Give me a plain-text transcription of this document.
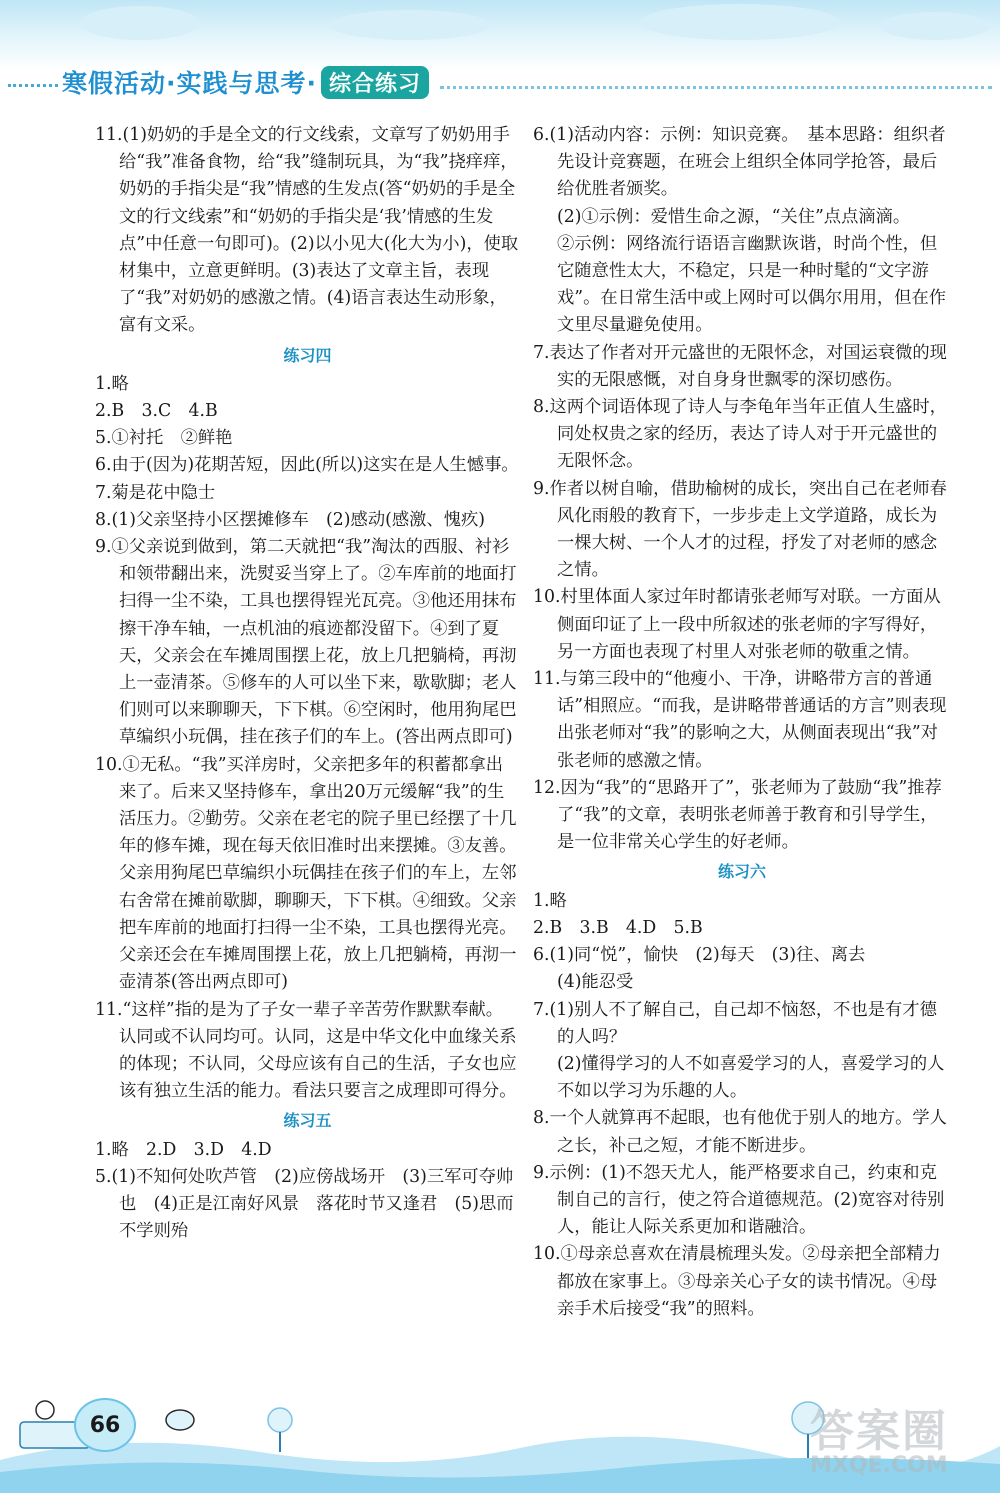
寒假活动·实践与思考· 综合练习

11.(1)奶奶的手是全文的行文线索，文章写了奶奶用手给“我”准备食物，给“我”缝制玩具，为“我”挠痒痒，奶奶的手指尖是“我”情感的生发点(答“奶奶的手是全文的行文线索”和“奶奶的手指尖是‘我’情感的生发点”中任意一句即可)。(2)以小见大(化大为小)，使取材集中，立意更鲜明。(3)表达了文章主旨，表现了“我”对奶奶的感激之情。(4)语言表达生动形象，富有文采。

练习四

1.略

2.B　3.C　4.B

5.①衬托　②鲜艳

6.由于(因为)花期苦短，因此(所以)这实在是人生憾事。

7.菊是花中隐士

8.(1)父亲坚持小区摆摊修车　(2)感动(感激、愧疚)

9.①父亲说到做到，第二天就把“我”淘汰的西服、衬衫和领带翻出来，洗熨妥当穿上了。②车库前的地面打扫得一尘不染，工具也摆得锃光瓦亮。③他还用抹布擦干净车轴，一点机油的痕迹都没留下。④到了夏天，父亲会在车摊周围摆上花，放上几把躺椅，再沏上一壶清茶。⑤修车的人可以坐下来，歇歇脚；老人们则可以来聊聊天，下下棋。⑥空闲时，他用狗尾巴草编织小玩偶，挂在孩子们的车上。(答出两点即可)

10.①无私。“我”买洋房时，父亲把多年的积蓄都拿出来了。后来又坚持修车，拿出20万元缓解“我”的生活压力。②勤劳。父亲在老宅的院子里已经摆了十几年的修车摊，现在每天依旧准时出来摆摊。③友善。父亲用狗尾巴草编织小玩偶挂在孩子们的车上，左邻右舍常在摊前歇脚，聊聊天，下下棋。④细致。父亲把车库前的地面打扫得一尘不染，工具也摆得光亮。父亲还会在车摊周围摆上花，放上几把躺椅，再沏一壶清茶(答出两点即可)

11.“这样”指的是为了子女一辈子辛苦劳作默默奉献。认同或不认同均可。认同，这是中华文化中血缘关系的体现；不认同，父母应该有自己的生活，子女也应该有独立生活的能力。看法只要言之成理即可得分。

练习五

1.略　2.D　3.D　4.D

5.(1)不知何处吹芦管　(2)应傍战场开　(3)三军可夺帅也　(4)正是江南好风景　落花时节又逢君　(5)思而不学则殆

6.(1)活动内容：示例：知识竞赛。　基本思路：组织者先设计竞赛题，在班会上组织全体同学抢答，最后给优胜者颁奖。

(2)①示例：爱惜生命之源，“关住”点点滴滴。

②示例：网络流行语语言幽默诙谐，时尚个性，但它随意性太大，不稳定，只是一种时髦的“文字游戏”。在日常生活中或上网时可以偶尔用用，但在作文里尽量避免使用。

7.表达了作者对开元盛世的无限怀念，对国运衰微的现实的无限感慨，对自身身世飘零的深切感伤。

8.这两个词语体现了诗人与李龟年当年正值人生盛时，同处权贵之家的经历，表达了诗人对于开元盛世的无限怀念。

9.作者以树自喻，借助榆树的成长，突出自己在老师春风化雨般的教育下，一步步走上文学道路，成长为一棵大树、一个人才的过程，抒发了对老师的感念之情。

10.村里体面人家过年时都请张老师写对联。一方面从侧面印证了上一段中所叙述的张老师的字写得好，另一方面也表现了村里人对张老师的敬重之情。

11.与第三段中的“他瘦小、干净，讲略带方言的普通话”相照应。“而我，是讲略带普通话的方言”则表现出张老师对“我”的影响之大，从侧面表现出“我”对张老师的感激之情。

12.因为“我”的“思路开了”，张老师为了鼓励“我”推荐了“我”的文章，表明张老师善于教育和引导学生，是一位非常关心学生的好老师。

练习六

1.略

2.B　3.B　4.D　5.B

6.(1)同“悦”，愉快　(2)每天　(3)往、离去

(4)能忍受

7.(1)别人不了解自己，自己却不恼怒，不也是有才德的人吗？

(2)懂得学习的人不如喜爱学习的人，喜爱学习的人不如以学习为乐趣的人。

8.一个人就算再不起眼，也有他优于别人的地方。学人之长，补己之短，才能不断进步。

9.示例：(1)不怨天尤人，能严格要求自己，约束和克制自己的言行，使之符合道德规范。(2)宽容对待别人，能让人际关系更加和谐融洽。

10.①母亲总喜欢在清晨梳理头发。②母亲把全部精力都放在家事上。③母亲关心子女的读书情况。④母亲手术后接受“我”的照料。

66	答案圈
MXQE.COM
